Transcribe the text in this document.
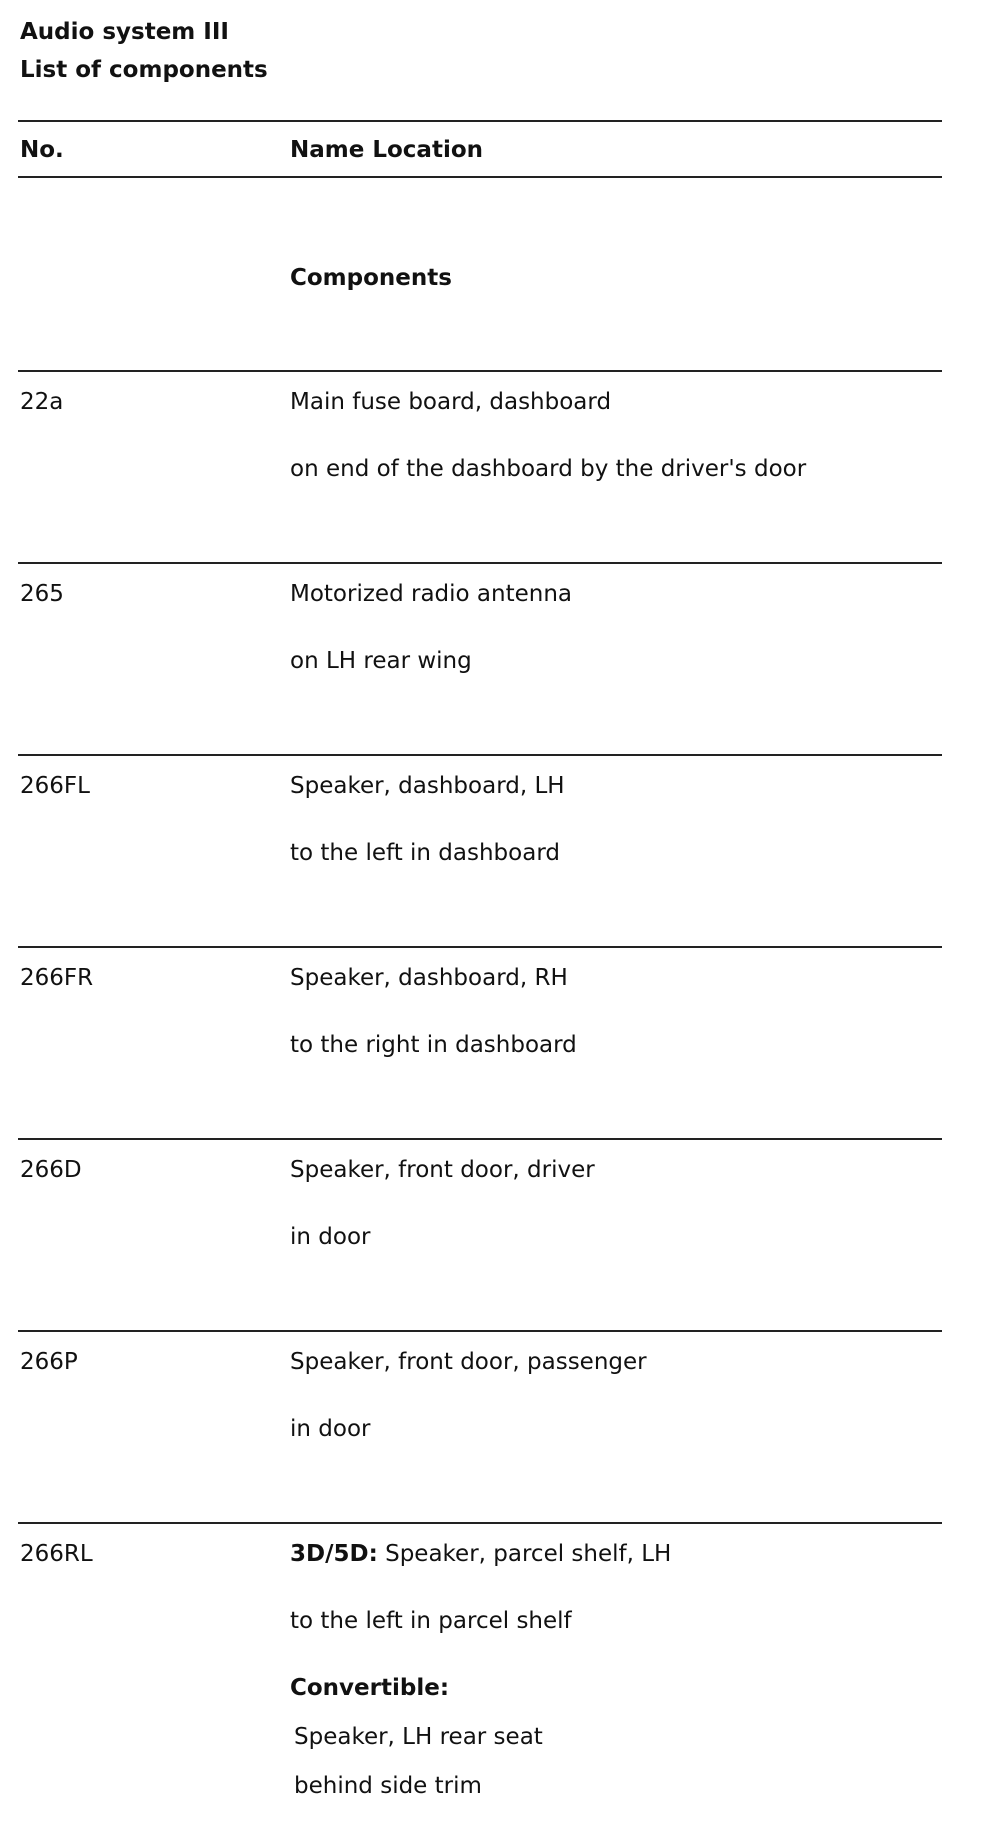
Audio system III
List of components
No.	Name Location
Components
22a	Main fuse board, dashboard
on end of the dashboard by the driver's door
265	Motorized radio antenna
on LH rear wing
266FL	Speaker, dashboard, LH
to the left in dashboard
266FR	Speaker, dashboard, RH
to the right in dashboard
266D	Speaker, front door, driver
in door
266P	Speaker, front door, passenger
in door
266RL	3D/5D: Speaker, parcel shelf, LH
to the left in parcel shelf
Convertible:
Speaker, LH rear seat
behind side trim
